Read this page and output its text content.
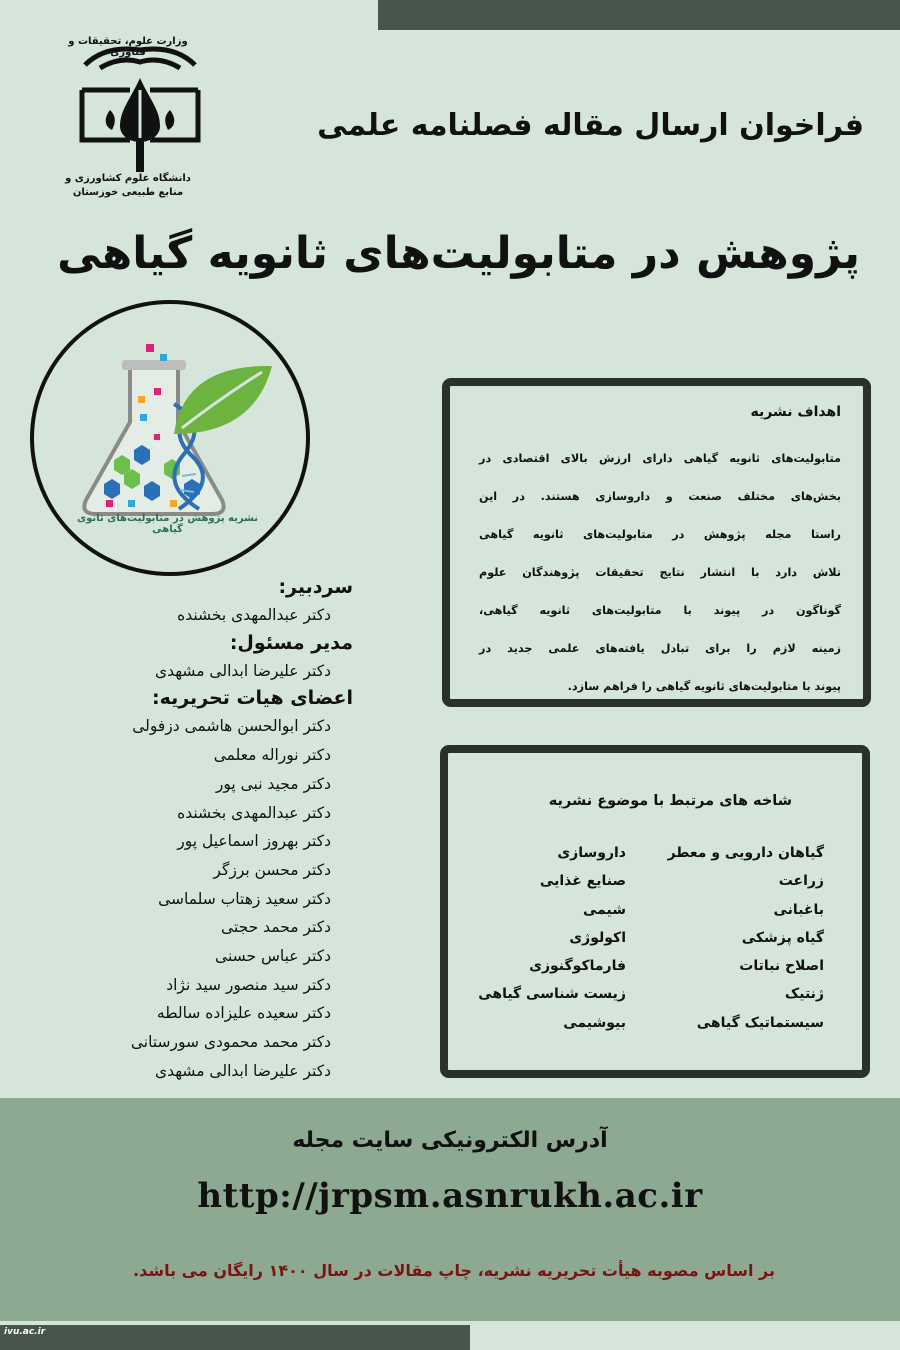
وزارت علوم، تحقیقات و فناوری
دانشگاه علوم کشاورزی و منابع طبیعی خوزستان
فراخوان ارسال مقاله فصلنامه علمی
پژوهش در متابولیت‌های ثانویه گیاهی
نشریه پژوهش در متابولیت‌های ثانوی گیاهی
سردبیر:
دکتر عبدالمهدی بخشنده
مدیر مسئول:
دکتر علیرضا ابدالی مشهدی
اعضای هیات تحریریه:
دکتر ابوالحسن هاشمی دزفولی
دکتر نوراله معلمی
دکتر مجید نبی پور
دکتر عبدالمهدی بخشنده
دکتر بهروز اسماعیل پور
دکتر محسن برزگر
دکتر سعید زهتاب سلماسی
دکتر محمد حجتی
دکتر عباس حسنی
دکتر سید منصور سید نژاد
دکتر سعیده علیزاده سالطه
دکتر محمد محمودی سورستانی
دکتر علیرضا ابدالی مشهدی
اهداف نشریه
متابولیت‌های ثانویه گیاهی دارای ارزش بالای اقتصادی در
بخش‌های مختلف صنعت و داروسازی هستند. در این
راستا مجله پژوهش در متابولیت‌های ثانویه گیاهی
تلاش دارد با انتشار نتایج تحقیقات پژوهندگان علوم
گوناگون در پیوند با متابولیت‌های ثانویه گیاهی،
زمینه لازم را برای تبادل یافته‌های علمی جدید در
پیوند با متابولیت‌های ثانویه گیاهی را فراهم سازد.
شاخه های مرتبط با موضوع نشریه
گیاهان دارویی و معطر
زراعت
باغبانی
گیاه پزشکی
اصلاح نباتات
ژنتیک
سیستماتیک گیاهی
داروسازی
صنایع غذایی
شیمی
اکولوژی
فارماکوگنوزی
زیست شناسی گیاهی
بیوشیمی
آدرس الکترونیکی سایت مجله
http://jrpsm.asnrukh.ac.ir
بر اساس مصوبه هیأت تحریریه نشریه، چاپ مقالات در سال ۱۴۰۰ رایگان می باشد.
ivu.ac.ir
